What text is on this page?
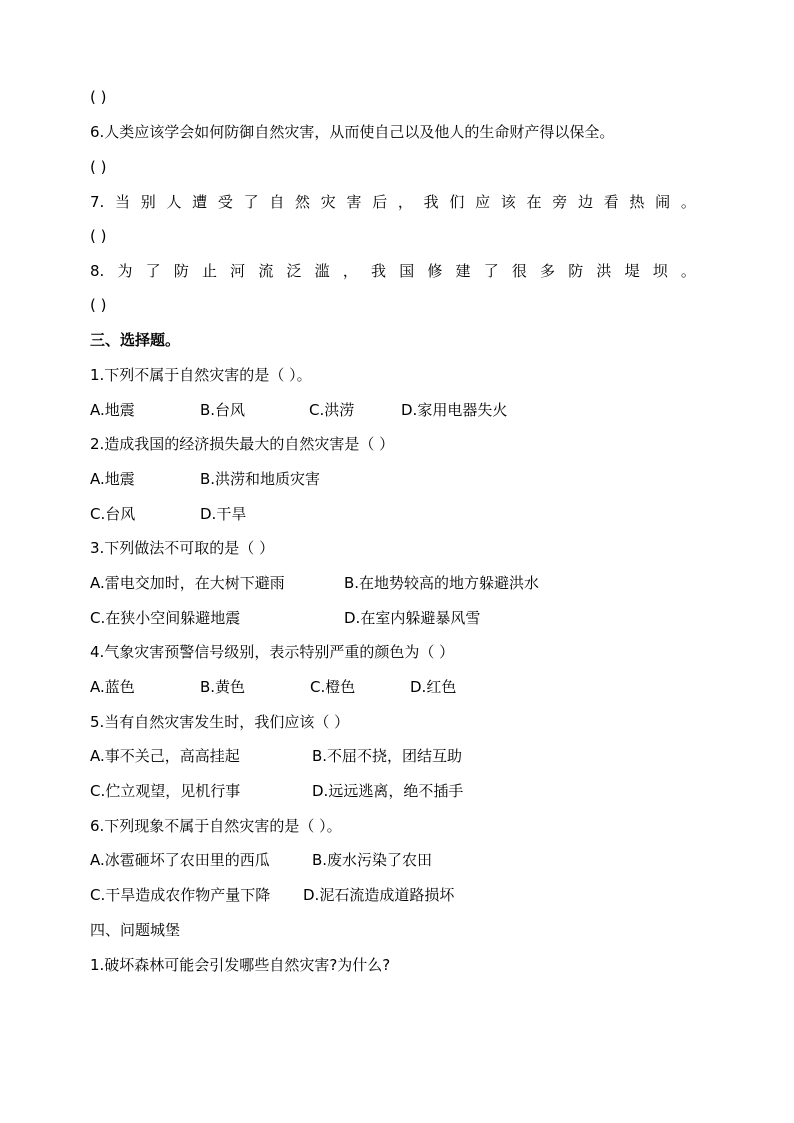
( )
6.人类应该学会如何防御自然灾害，从而使自己以及他人的生命财产得以保全。
( )
7. 当 别 人 遭 受 了 自 然 灾 害 后 ， 我 们 应 该 在 旁 边 看 热 闹 。
( )
8. 为 了 防 止 河 流 泛 滥 ， 我 国 修 建 了 很 多 防 洪 堤 坝 。
( )
三、选择题。
1.下列不属于自然灾害的是（ ）。
A.地震	B.台风	C.洪涝	D.家用电器失火
2.造成我国的经济损失最大的自然灾害是（ ）
A.地震	B.洪涝和地质灾害
C.台风	D.干旱
3.下列做法不可取的是（ ）
A.雷电交加时，在大树下避雨	B.在地势较高的地方躲避洪水
C.在狭小空间躲避地震	D.在室内躲避暴风雪
4.气象灾害预警信号级别，表示特别严重的颜色为（ ）
A.蓝色	B.黄色	C.橙色	D.红色
5.当有自然灾害发生时，我们应该（ ）
A.事不关己，高高挂起	B.不屈不挠，团结互助
C.伫立观望，见机行事	D.远远逃离，绝不插手
6.下列现象不属于自然灾害的是（ ）。
A.冰雹砸坏了农田里的西瓜	B.废水污染了农田
C.干旱造成农作物产量下降 D.泥石流造成道路损坏
四、问题城堡
1.破坏森林可能会引发哪些自然灾害?为什么?
